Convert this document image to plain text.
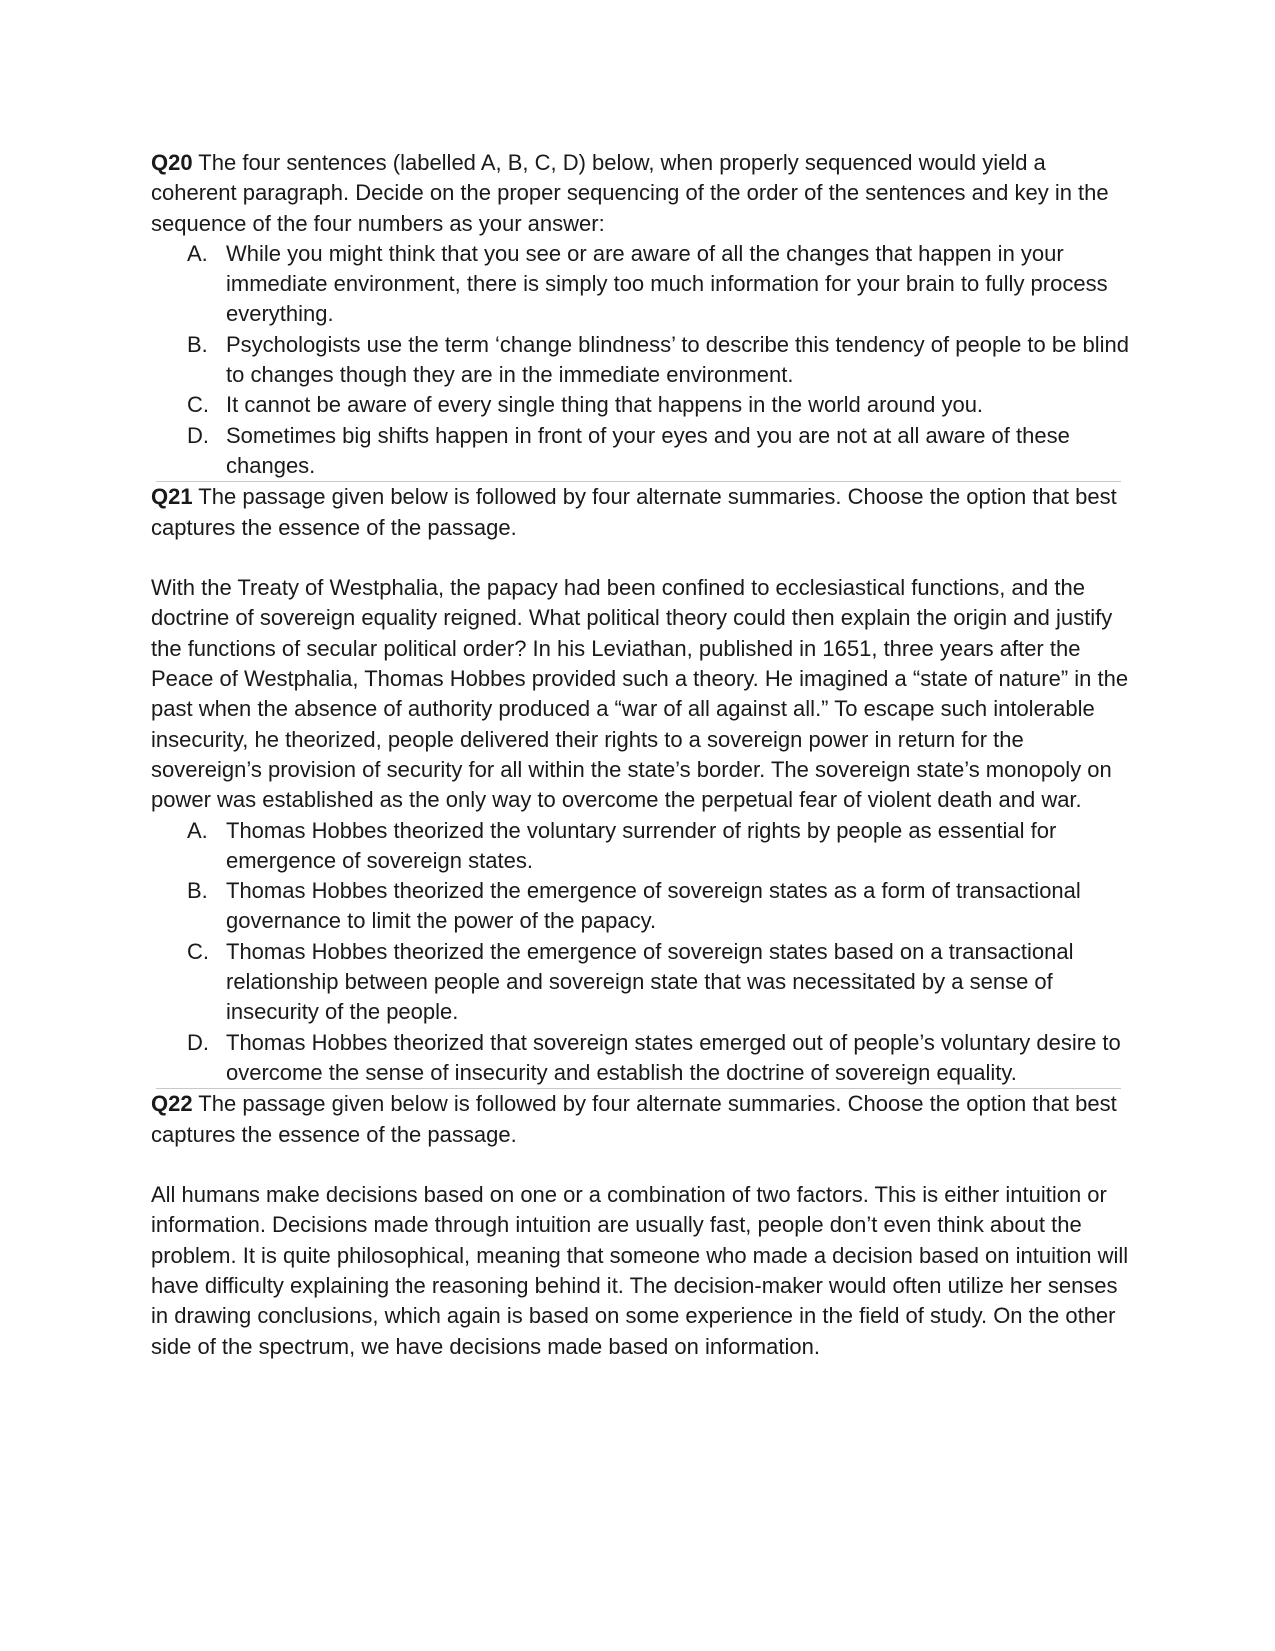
Q20 The four sentences (labelled A, B, C, D) below, when properly sequenced would yield a coherent paragraph. Decide on the proper sequencing of the order of the sentences and key in the sequence of the four numbers as your answer:

A. While you might think that you see or are aware of all the changes that happen in your immediate environment, there is simply too much information for your brain to fully process everything.
B. Psychologists use the term ‘change blindness’ to describe this tendency of people to be blind to changes though they are in the immediate environment.
C. It cannot be aware of every single thing that happens in the world around you.
D. Sometimes big shifts happen in front of your eyes and you are not at all aware of these changes.

Q21 The passage given below is followed by four alternate summaries. Choose the option that best captures the essence of the passage.

With the Treaty of Westphalia, the papacy had been confined to ecclesiastical functions, and the doctrine of sovereign equality reigned. What political theory could then explain the origin and justify the functions of secular political order? In his Leviathan, published in 1651, three years after the Peace of Westphalia, Thomas Hobbes provided such a theory. He imagined a “state of nature” in the past when the absence of authority produced a “war of all against all.” To escape such intolerable insecurity, he theorized, people delivered their rights to a sovereign power in return for the sovereign’s provision of security for all within the state’s border. The sovereign state’s monopoly on power was established as the only way to overcome the perpetual fear of violent death and war.

A. Thomas Hobbes theorized the voluntary surrender of rights by people as essential for emergence of sovereign states.
B. Thomas Hobbes theorized the emergence of sovereign states as a form of transactional governance to limit the power of the papacy.
C. Thomas Hobbes theorized the emergence of sovereign states based on a transactional relationship between people and sovereign state that was necessitated by a sense of insecurity of the people.
D. Thomas Hobbes theorized that sovereign states emerged out of people’s voluntary desire to overcome the sense of insecurity and establish the doctrine of sovereign equality.

Q22 The passage given below is followed by four alternate summaries. Choose the option that best captures the essence of the passage.

All humans make decisions based on one or a combination of two factors. This is either intuition or information. Decisions made through intuition are usually fast, people don’t even think about the problem. It is quite philosophical, meaning that someone who made a decision based on intuition will have difficulty explaining the reasoning behind it. The decision-maker would often utilize her senses in drawing conclusions, which again is based on some experience in the field of study. On the other side of the spectrum, we have decisions made based on information.
